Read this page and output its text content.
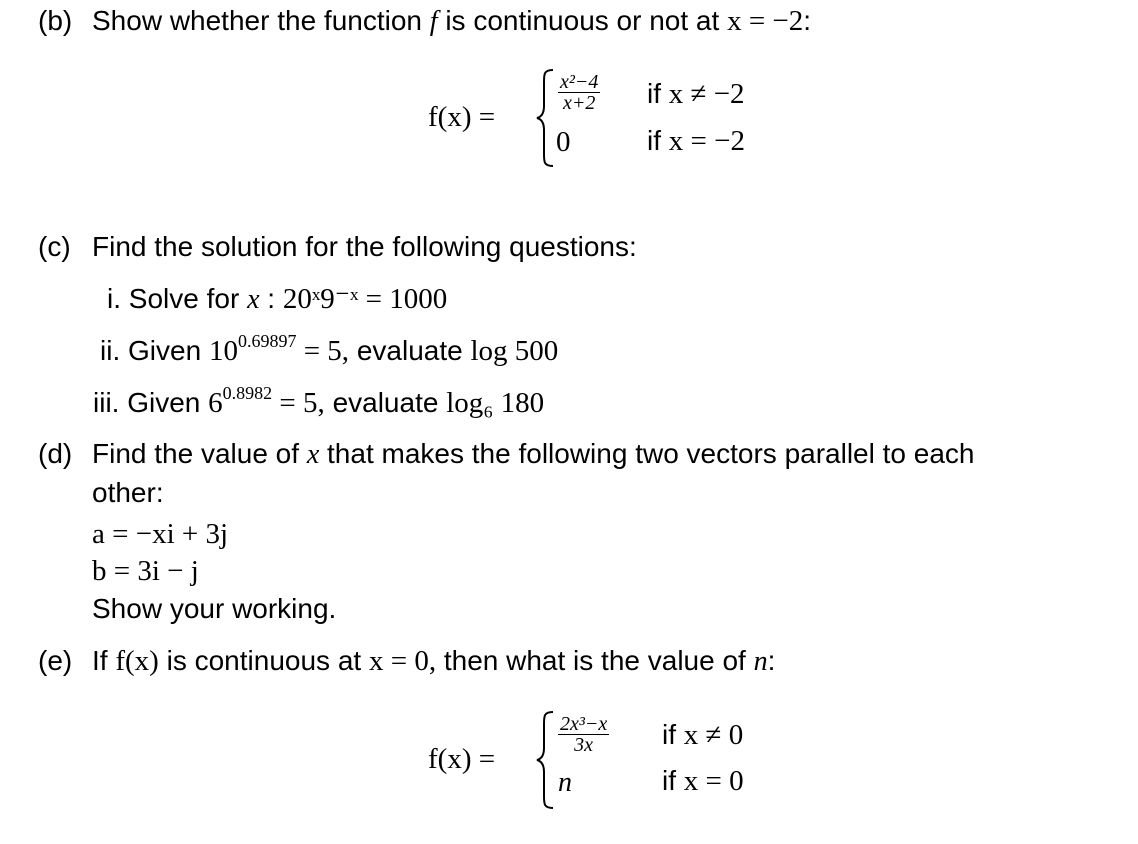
(b) Show whether the function f is continuous or not at x = −2:
f(x) =
$\frac{\text{x²−4}}{x+2}$
0
if x ≠ −2
if x = −2
(c) Find the solution for the following questions:
i. Solve for x : 20ˣ9⁻ˣ = 1000
ii. Given $10^{0.69897} = 5$, evaluate log 500
iii. Given $6^{0.8982} = 5$, evaluate log₆ 180
(d) Find the value of x that makes the following two vectors parallel to each
other:
a = −xi + 3j
b = 3i − j
Show your working.
(e) If f(x) is continuous at x = 0, then what is the value of n:
f(x) =
$\frac{\text{2x³−x}}{3x}$
n
if x ≠ 0
if x = 0
